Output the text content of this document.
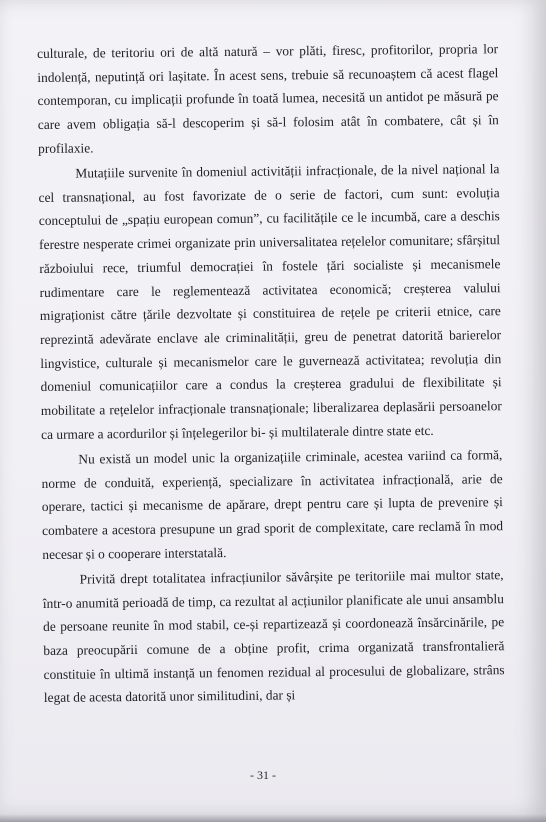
culturale, de teritoriu ori de altă natură – vor plăti, firesc, profitorilor, propria lor indolență, neputință ori lașitate. În acest sens, trebuie să recunoaștem că acest flagel contemporan, cu implicații profunde în toată lumea, necesită un antidot pe măsură pe care avem obligația să-l descoperim și să-l folosim atât în combatere, cât și în profilaxie.

Mutațiile survenite în domeniul activității infracționale, de la nivel național la cel transnațional, au fost favorizate de o serie de factori, cum sunt: evoluția conceptului de „spațiu european comun”, cu facilitățile ce le incumbă, care a deschis ferestre nesperate crimei organizate prin universalitatea rețelelor comunitare; sfârșitul războiului rece, triumful democrației în fostele țări socialiste și mecanismele rudimentare care le reglementează activitatea economică; creșterea valului migraționist către țările dezvoltate și constituirea de rețele pe criterii etnice, care reprezintă adevărate enclave ale criminalității, greu de penetrat datorită barierelor lingvistice, culturale și mecanismelor care le guvernează activitatea; revoluția din domeniul comunicațiilor care a condus la creșterea gradului de flexibilitate și mobilitate a rețelelor infracționale transnaționale; liberalizarea deplasării persoanelor ca urmare a acordurilor și înțelegerilor bi- și multilaterale dintre state etc.

Nu există un model unic la organizațiile criminale, acestea variind ca formă, norme de conduită, experiență, specializare în activitatea infracțională, arie de operare, tactici și mecanisme de apărare, drept pentru care și lupta de prevenire și combatere a acestora presupune un grad sporit de complexitate, care reclamă în mod necesar și o cooperare interstatală.

Privită drept totalitatea infracțiunilor săvârșite pe teritoriile mai multor state, într-o anumită perioadă de timp, ca rezultat al acțiunilor planificate ale unui ansamblu de persoane reunite în mod stabil, ce-și repartizează și coordonează însărcinările, pe baza preocupării comune de a obține profit, crima organizată transfrontalieră constituie în ultimă instanță un fenomen rezidual al procesului de globalizare, strâns legat de acesta datorită unor similitudini, dar și

- 31 -
